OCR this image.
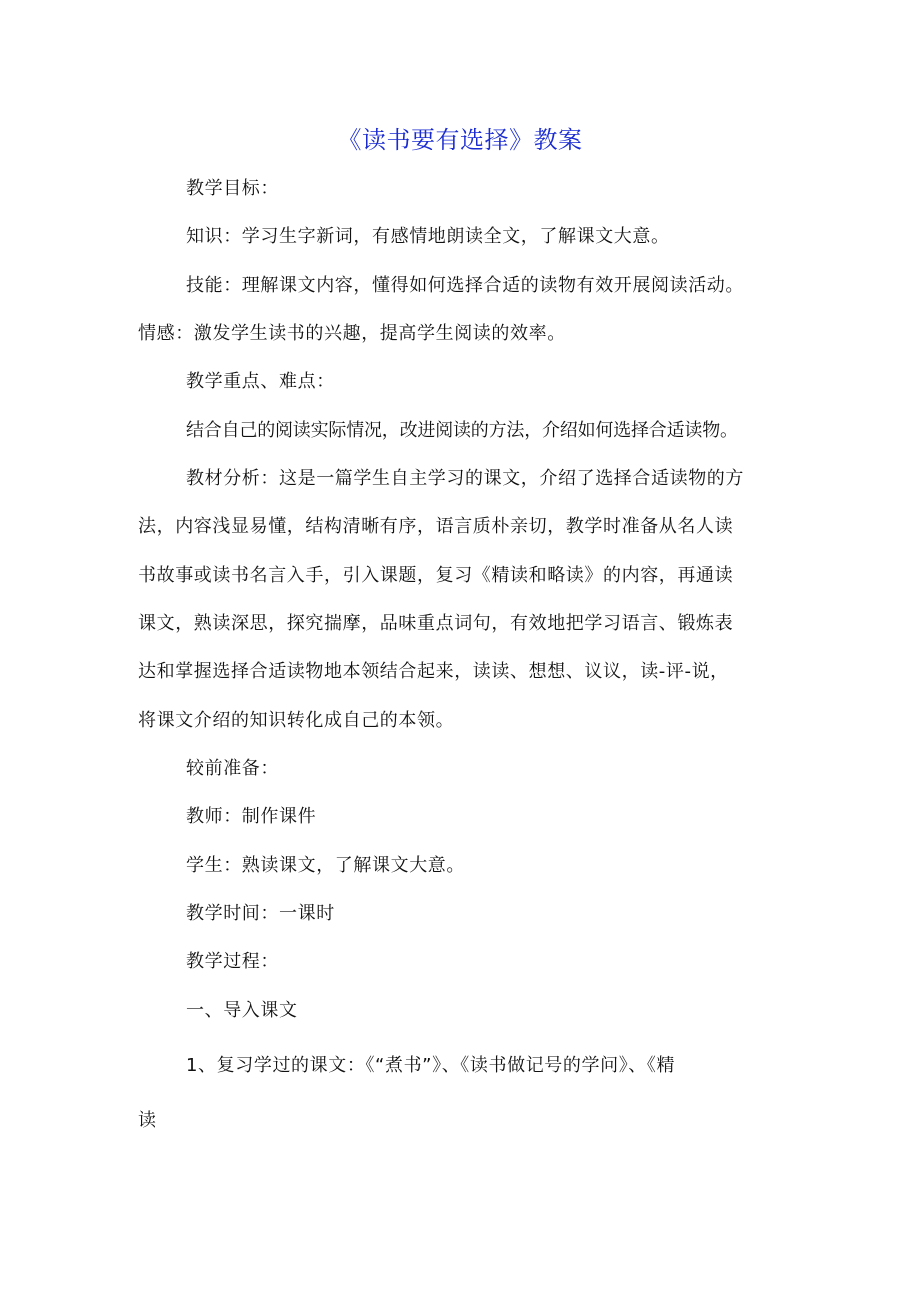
《读书要有选择》教案
教学目标：
知识：学习生字新词，有感情地朗读全文，了解课文大意。
技能：理解课文内容，懂得如何选择合适的读物有效开展阅读活动。
情感：激发学生读书的兴趣，提高学生阅读的效率。
教学重点、难点：
结合自己的阅读实际情况，改进阅读的方法，介绍如何选择合适读物。
教材分析：这是一篇学生自主学习的课文，介绍了选择合适读物的方
法，内容浅显易懂，结构清晰有序，语言质朴亲切，教学时准备从名人读
书故事或读书名言入手，引入课题，复习《精读和略读》的内容，再通读
课文，熟读深思，探究揣摩，品味重点词句，有效地把学习语言、锻炼表
达和掌握选择合适读物地本领结合起来，读读、想想、议议，读-评-说，
将课文介绍的知识转化成自己的本领。
较前准备：
教师：制作课件
学生：熟读课文，了解课文大意。
教学时间：一课时
教学过程：
一、导入课文
1、复习学过的课文：《“煮书”》、《读书做记号的学问》、《精
读
